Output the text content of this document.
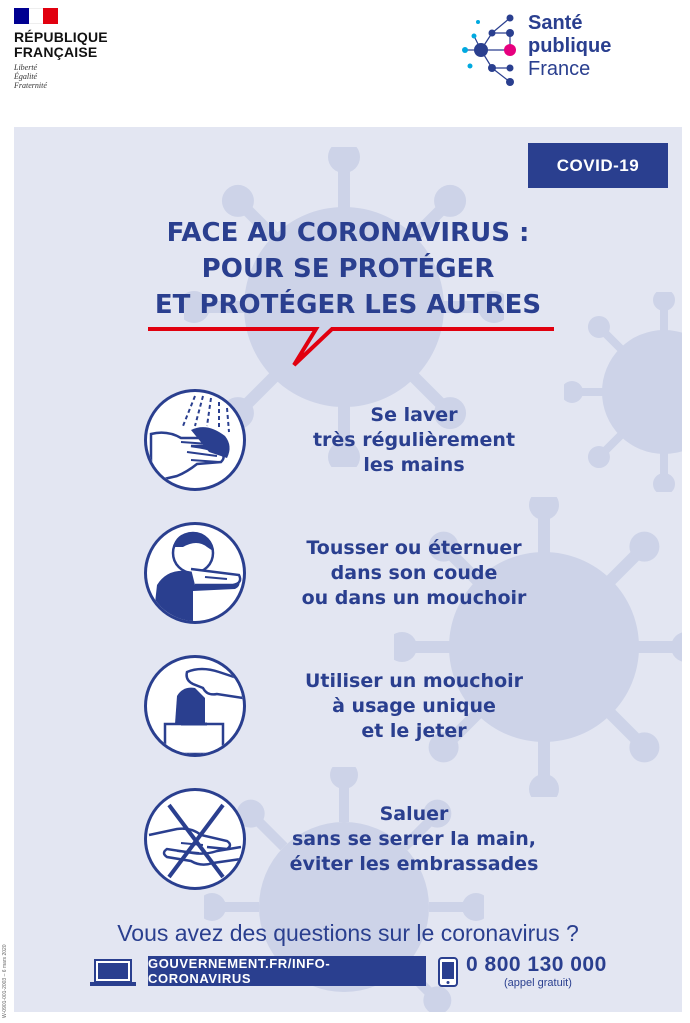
RÉPUBLIQUE
FRANÇAISE
Liberté
Égalité
Fraternité
Santé
publique
France
COVID-19
FACE AU CORONAVIRUS :
POUR SE PROTÉGER
ET PROTÉGER LES AUTRES
Se laver
très régulièrement
les mains
Tousser ou éternuer
dans son coude
ou dans un mouchoir
Utiliser un mouchoir
à usage unique
et le jeter
Saluer
sans se serrer la main,
éviter les embrassades
Vous avez des questions sur le coronavirus ?
GOUVERNEMENT.FR/INFO-CORONAVIRUS
0 800 130 000
(appel gratuit)
W-0901-001-2003 – 6 mars 2020
